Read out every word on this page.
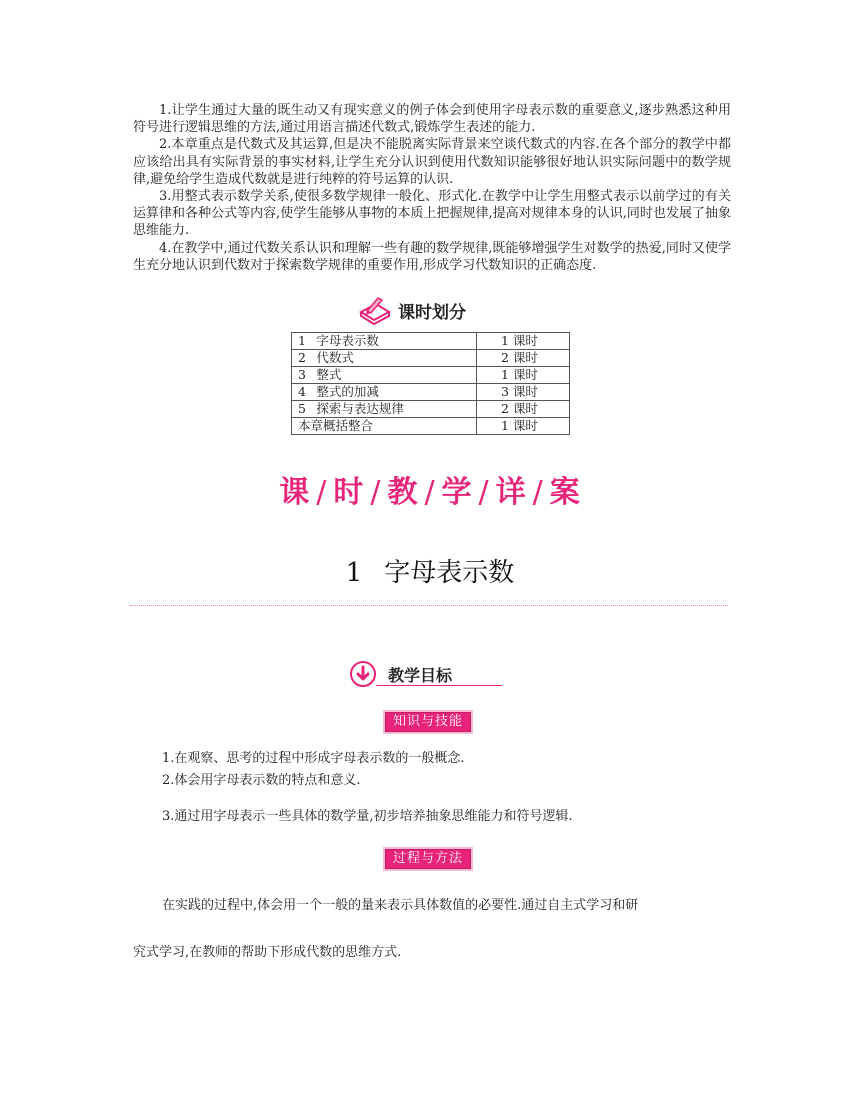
1.让学生通过大量的既生动又有现实意义的例子体会到使用字母表示数的重要意义,逐步熟悉这种用符号进行逻辑思维的方法,通过用语言描述代数式,锻炼学生表述的能力.

2.本章重点是代数式及其运算,但是决不能脱离实际背景来空谈代数式的内容.在各个部分的教学中都应该给出具有实际背景的事实材料,让学生充分认识到使用代数知识能够很好地认识实际问题中的数学规律,避免给学生造成代数就是进行纯粹的符号运算的认识.

3.用整式表示数学关系,使很多数学规律一般化、形式化.在教学中让学生用整式表示以前学过的有关运算律和各种公式等内容,使学生能够从事物的本质上把握规律,提高对规律本身的认识,同时也发展了抽象思维能力.

4.在教学中,通过代数关系认识和理解一些有趣的数学规律,既能够增强学生对数学的热爱,同时又使学生充分地认识到代数对于探索数学规律的重要作用,形成学习代数知识的正确态度.

课时划分
1	字母表示数	1 课时
2	代数式	2 课时
3	整式	1 课时
4	整式的加减	3 课时
5	探索与表达规律	2 课时
本章概括整合		1 课时
课 / 时 / 教 / 学 / 详 / 案
1 字母表示数
教学目标
知识与技能
1.在观察、思考的过程中形成字母表示数的一般概念.
2.体会用字母表示数的特点和意义.
3.通过用字母表示一些具体的数学量,初步培养抽象思维能力和符号逻辑.
过程与方法
在实践的过程中,体会用一个一般的量来表示具体数值的必要性.通过自主式学习和研
究式学习,在教师的帮助下形成代数的思维方式.
